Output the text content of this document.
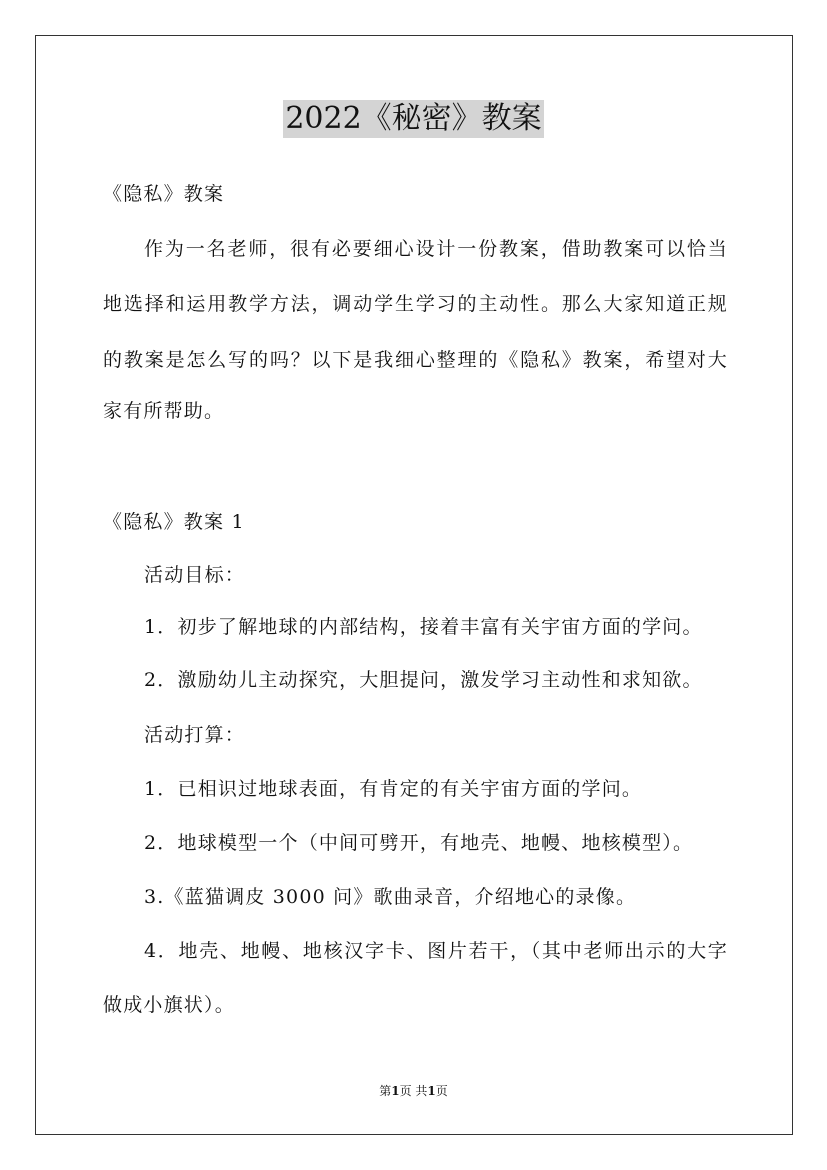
2022《秘密》教案
《隐私》教案
作为一名老师，很有必要细心设计一份教案，借助教案可以恰当
地选择和运用教学方法，调动学生学习的主动性。那么大家知道正规
的教案是怎么写的吗？以下是我细心整理的《隐私》教案，希望对大
家有所帮助。
《隐私》教案 1
活动目标：
1．初步了解地球的内部结构，接着丰富有关宇宙方面的学问。
2．激励幼儿主动探究，大胆提问，激发学习主动性和求知欲。
活动打算：
1．已相识过地球表面，有肯定的有关宇宙方面的学问。
2．地球模型一个（中间可劈开，有地壳、地幔、地核模型）。
3.《蓝猫调皮 3000 问》歌曲录音，介绍地心的录像。
4．地壳、地幔、地核汉字卡、图片若干，（其中老师出示的大字
做成小旗状）。
第1页 共1页
